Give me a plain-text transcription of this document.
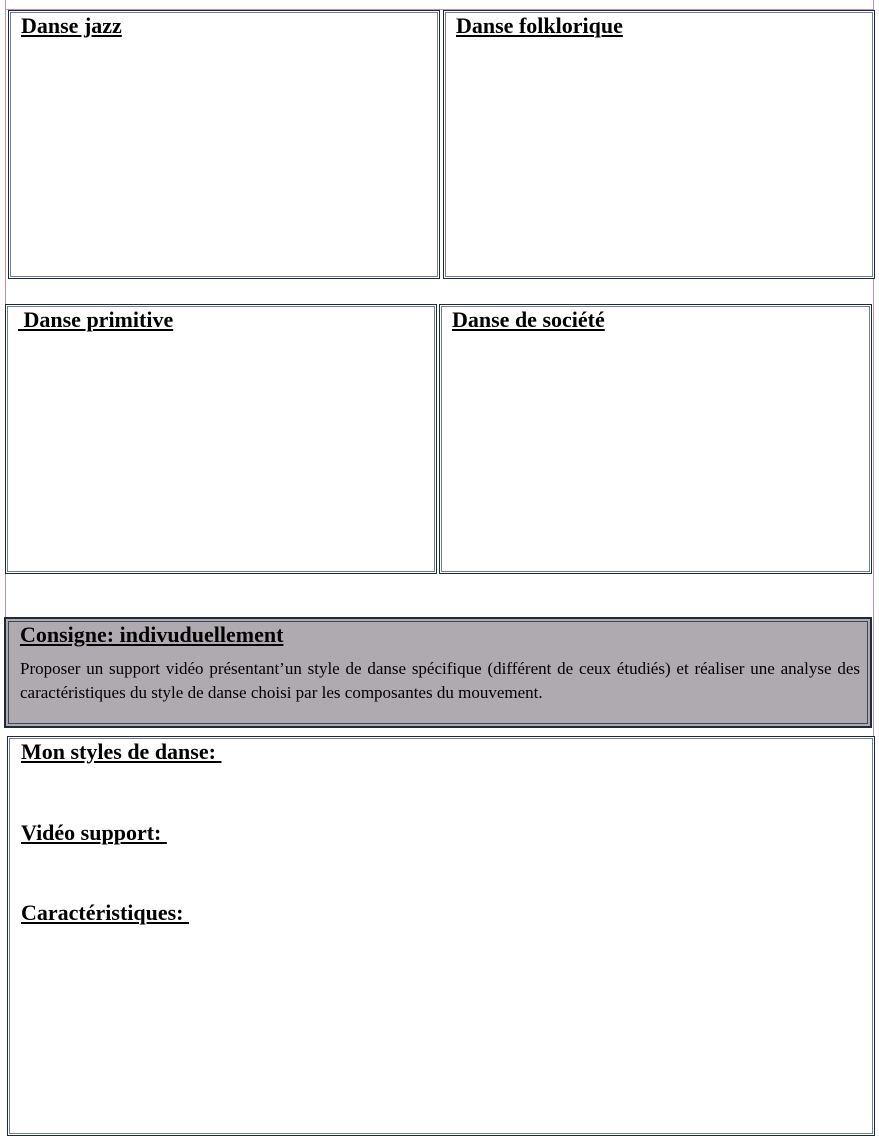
Danse jazz	Danse folklorique
Danse primitive	Danse de société
Consigne: indivuduellement
Proposer un support vidéo présentant’un style de danse spécifique (différent de ceux étudiés) et réaliser une analyse des caractéristiques du style de danse choisi par les composantes du mouvement.
Mon styles de danse:
Vidéo support:
Caractéristiques:
